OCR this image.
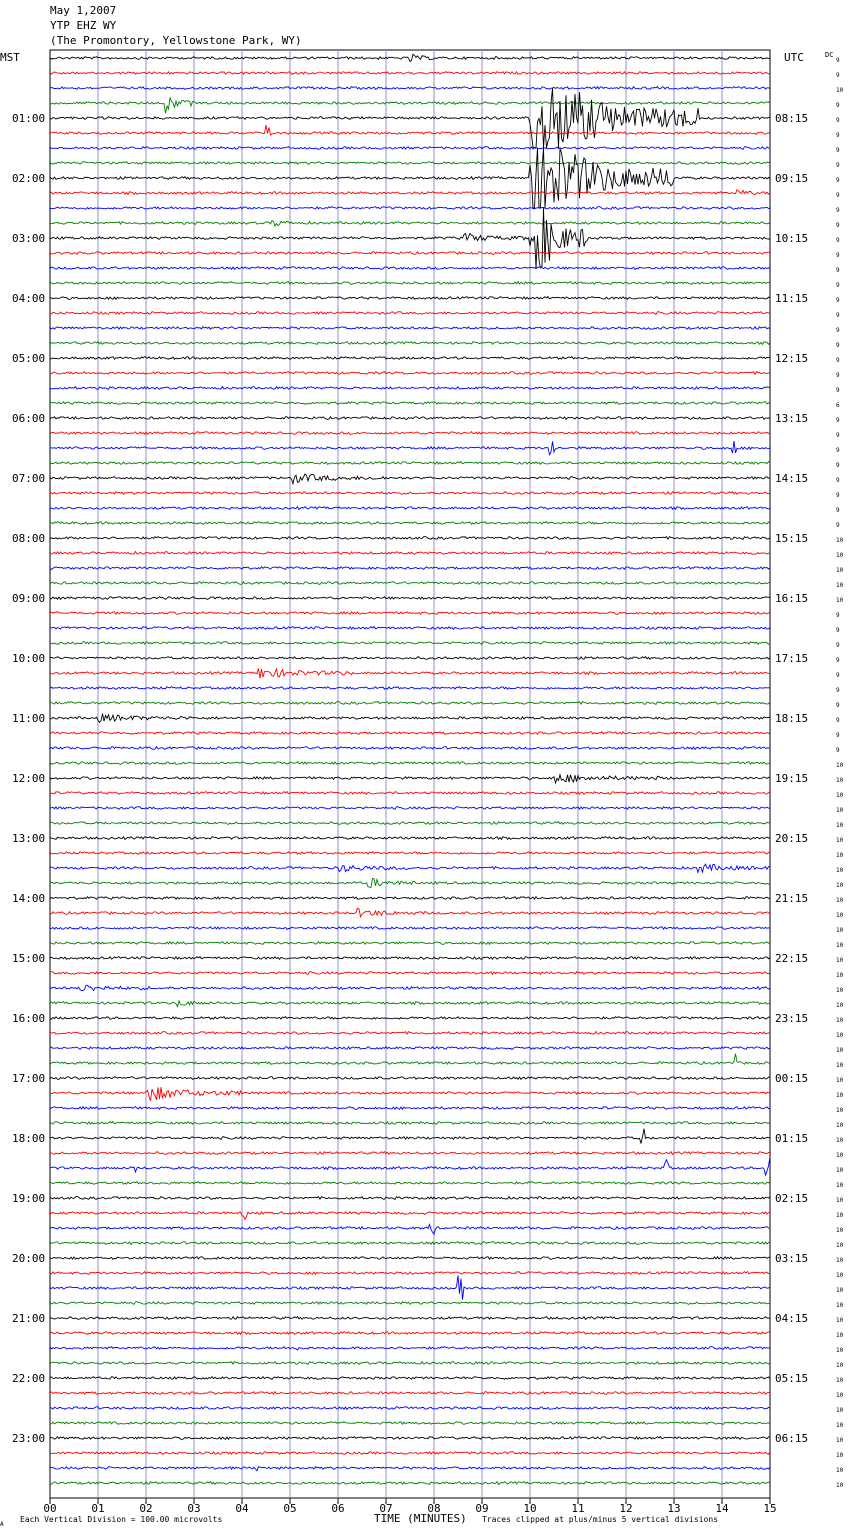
May 1,2007
YTP EHZ WY
(The Promontory, Yellowstone Park, WY)
00	01	02	03	04	05	06	07	08	09	10	11	12	13	14	15
9
9
10
9
9
9
9
9
9
9
9
9
9
9
9
9
9
9
9
9
9
9
9
6
9
9
9
9
9
9
9
9
10
10
10
10
10
9
9
9
9
9
9
9
9
9
9
10
10
10
10
10
10
10
10
10
10
10
10
10
10
10
10
10
10
10
10
10
10
10
10
10
10
10
10
10
10
10
10
10
10
10
10
10
10
10
10
10
10
10
10
10
10
10
10
10
01:00
02:00
03:00
04:00
05:00
06:00
07:00
08:00
09:00
10:00
11:00
12:00
13:00
14:00
15:00
16:00
17:00
18:00
19:00
20:00
21:00
22:00
23:00
08:15
09:15
10:15
11:15
12:15
13:15
14:15
15:15
16:15
17:15
18:15
19:15
20:15
21:15
22:15
23:15
00:15
01:15
02:15
03:15
04:15
05:15
06:15
MST	UTC	DC
A
Each Vertical Division = 100.00 microvolts	TIME (MINUTES) Traces clipped at plus/minus 5 vertical divisions
